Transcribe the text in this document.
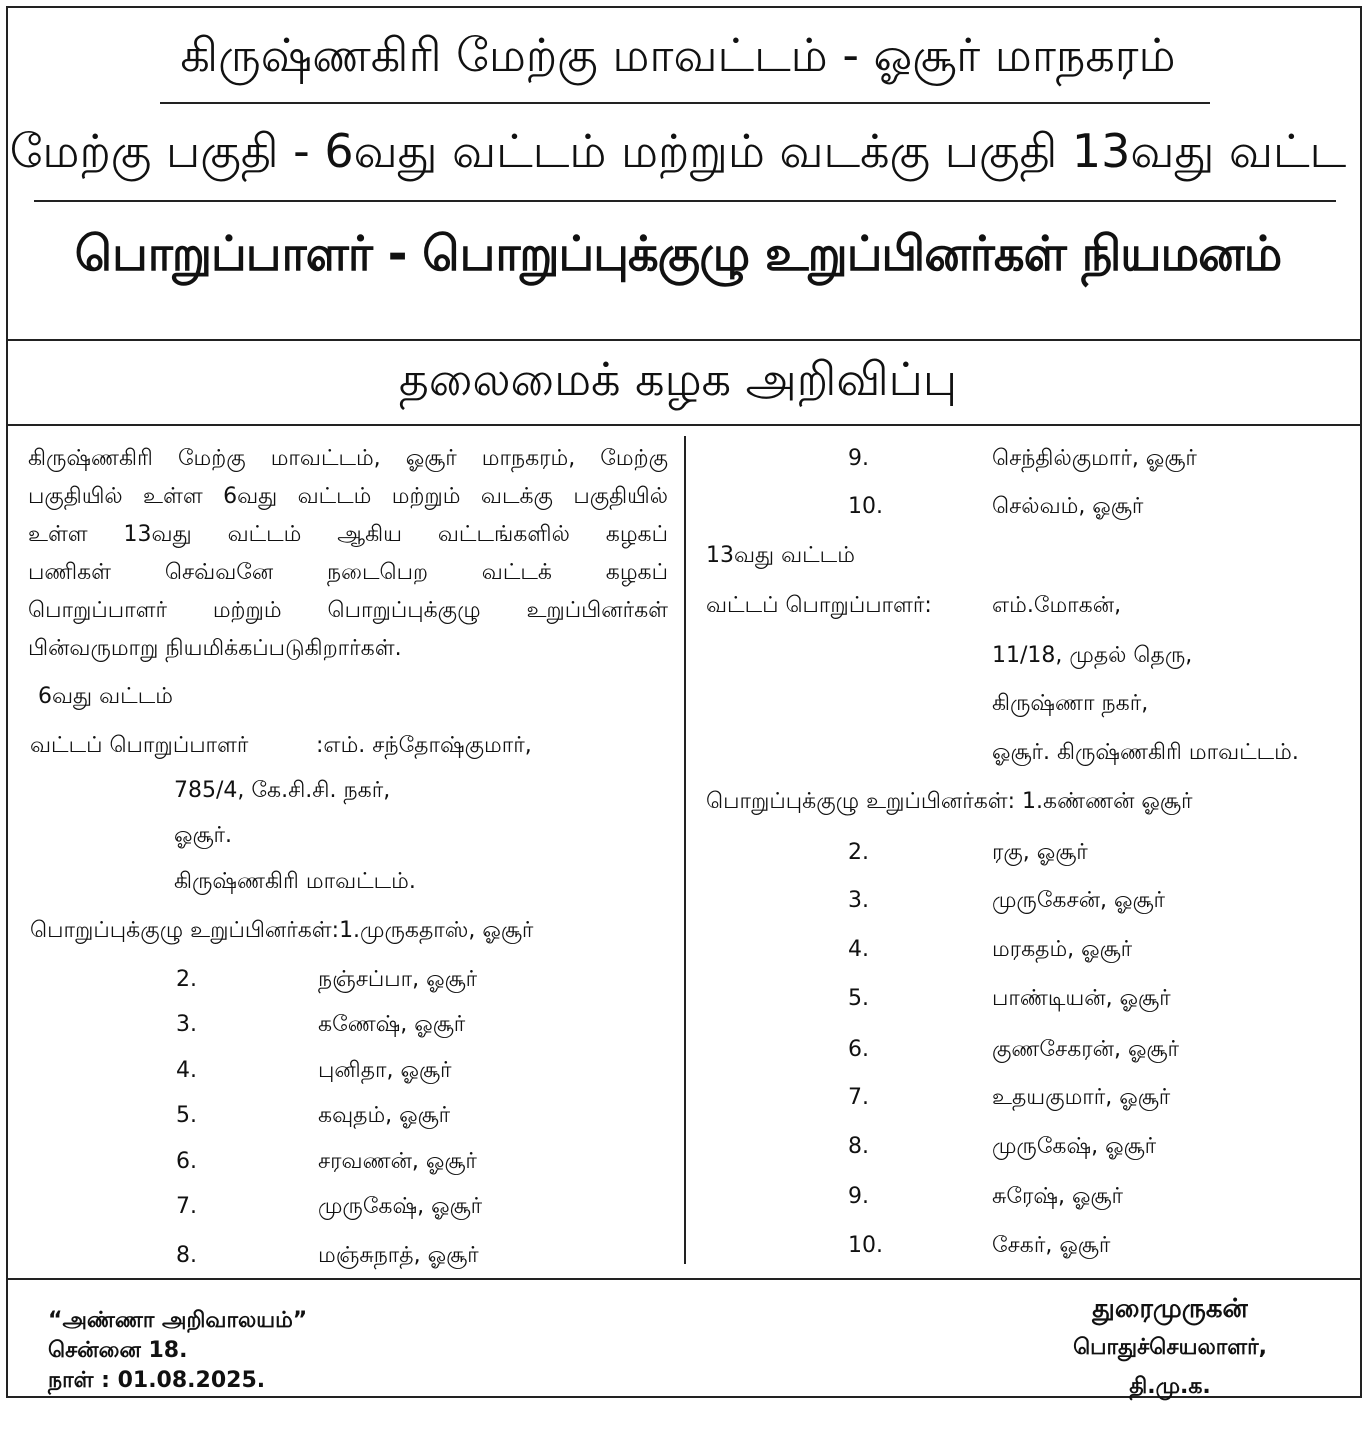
கிருஷ்ணகிரி மேற்கு மாவட்டம் - ஓசூர் மாநகரம்
மேற்கு பகுதி - 6வது வட்டம் மற்றும் வடக்கு பகுதி 13வது வட்ட
பொறுப்பாளர் - பொறுப்புக்குழு உறுப்பினர்கள் நியமனம்
தலைமைக் கழக அறிவிப்பு
கிருஷ்ணகிரி மேற்கு மாவட்டம், ஓசூர் மாநகரம், மேற்கு
பகுதியில் உள்ள 6வது வட்டம் மற்றும் வடக்கு பகுதியில்
உள்ள 13வது வட்டம் ஆகிய வட்டங்களில் கழகப்
பணிகள் செவ்வனே நடைபெற வட்டக் கழகப்
பொறுப்பாளர் மற்றும் பொறுப்புக்குழு உறுப்பினர்கள்
பின்வருமாறு நியமிக்கப்படுகிறார்கள்.
6வது வட்டம்
வட்டப் பொறுப்பாளர்	:எம். சந்தோஷ்குமார்,
785/4, கே.சி.சி. நகர்,
ஓசூர்.
கிருஷ்ணகிரி மாவட்டம்.
பொறுப்புக்குழு உறுப்பினர்கள்:1.முருகதாஸ், ஓசூர்
2.	நஞ்சப்பா, ஓசூர்
3.	கணேஷ், ஓசூர்
4.	புனிதா, ஓசூர்
5.	கவுதம், ஓசூர்
6.	சரவணன், ஓசூர்
7.	முருகேஷ், ஓசூர்
8.	மஞ்சுநாத், ஓசூர்
9.	செந்தில்குமார், ஓசூர்
10.	செல்வம், ஓசூர்
13வது வட்டம்
வட்டப் பொறுப்பாளர்:	எம்.மோகன்,
11/18, முதல் தெரு,
கிருஷ்ணா நகர்,
ஓசூர். கிருஷ்ணகிரி மாவட்டம்.
பொறுப்புக்குழு உறுப்பினர்கள்: 1.கண்ணன் ஓசூர்
2.	ரகு, ஓசூர்
3.	முருகேசன், ஓசூர்
4.	மரகதம், ஓசூர்
5.	பாண்டியன், ஓசூர்
6.	குணசேகரன், ஓசூர்
7.	உதயகுமார், ஓசூர்
8.	முருகேஷ், ஓசூர்
9.	சுரேஷ், ஓசூர்
10.	சேகர், ஓசூர்
“அண்ணா அறிவாலயம்”
சென்னை 18.
நாள் : 01.08.2025.
துரைமுருகன்
பொதுச்செயலாளர்,
தி.மு.க.
